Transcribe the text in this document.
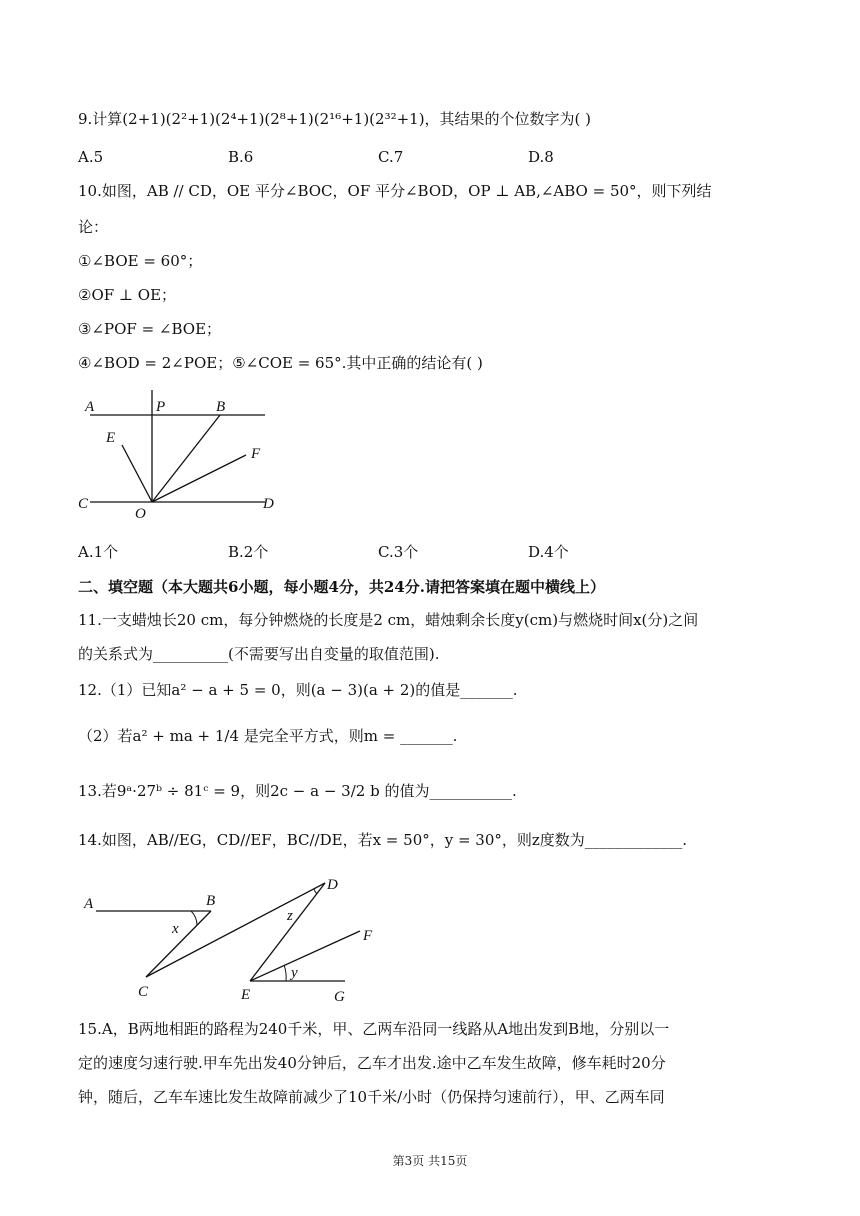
9.计算(2+1)(2²+1)(2⁴+1)(2⁸+1)(2¹⁶+1)(2³²+1)，其结果的个位数字为( )
A.5	B.6	C.7	D.8
10.如图，AB // CD，OE 平分∠BOC，OF 平分∠BOD，OP ⊥ AB,∠ABO = 50°，则下列结
论：
①∠BOE = 60°；
②OF ⊥ OE；
③∠POF = ∠BOE；
④∠BOD = 2∠POE；⑤∠COE = 65°.其中正确的结论有( )
A	P	B
E
F
C
O
D
A.1个	B.2个	C.3个	D.4个
二、填空题（本大题共6小题，每小题4分，共24分.请把答案填在题中横线上）
11.一支蜡烛长20 cm，每分钟燃烧的长度是2 cm，蜡烛剩余长度y(cm)与燃烧时间x(分)之间
的关系式为__________(不需要写出自变量的取值范围).
12.（1）已知a² − a + 5 = 0，则(a − 3)(a + 2)的值是_______.
（2）若a² + ma + 1/4 是完全平方式，则m = _______.
13.若9ᵃ·27ᵇ ÷ 81ᶜ = 9，则2c − a − 3/2 b 的值为___________.
14.如图，AB//EG，CD//EF，BC//DE，若x = 50°，y = 30°，则z度数为_____________.
A	B
x
C
D
z
F
E
y
G
15.A，B两地相距的路程为240千米，甲、乙两车沿同一线路从A地出发到B地，分别以一
定的速度匀速行驶.甲车先出发40分钟后，乙车才出发.途中乙车发生故障，修车耗时20分
钟，随后，乙车车速比发生故障前减少了10千米/小时（仍保持匀速前行），甲、乙两车同
第3页 共15页
